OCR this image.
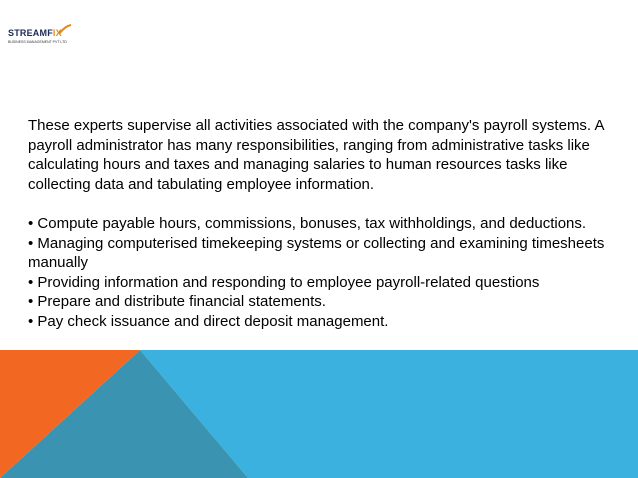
STREAMFIX
BUSINESS MANAGEMENT PVT LTD

These experts supervise all activities associated with the company's payroll systems. A payroll administrator has many responsibilities, ranging from administrative tasks like calculating hours and taxes and managing salaries to human resources tasks like collecting data and tabulating employee information.

• Compute payable hours, commissions, bonuses, tax withholdings, and deductions.
• Managing computerised timekeeping systems or collecting and examining timesheets manually
• Providing information and responding to employee payroll-related questions
• Prepare and distribute financial statements.
• Pay check issuance and direct deposit management.
